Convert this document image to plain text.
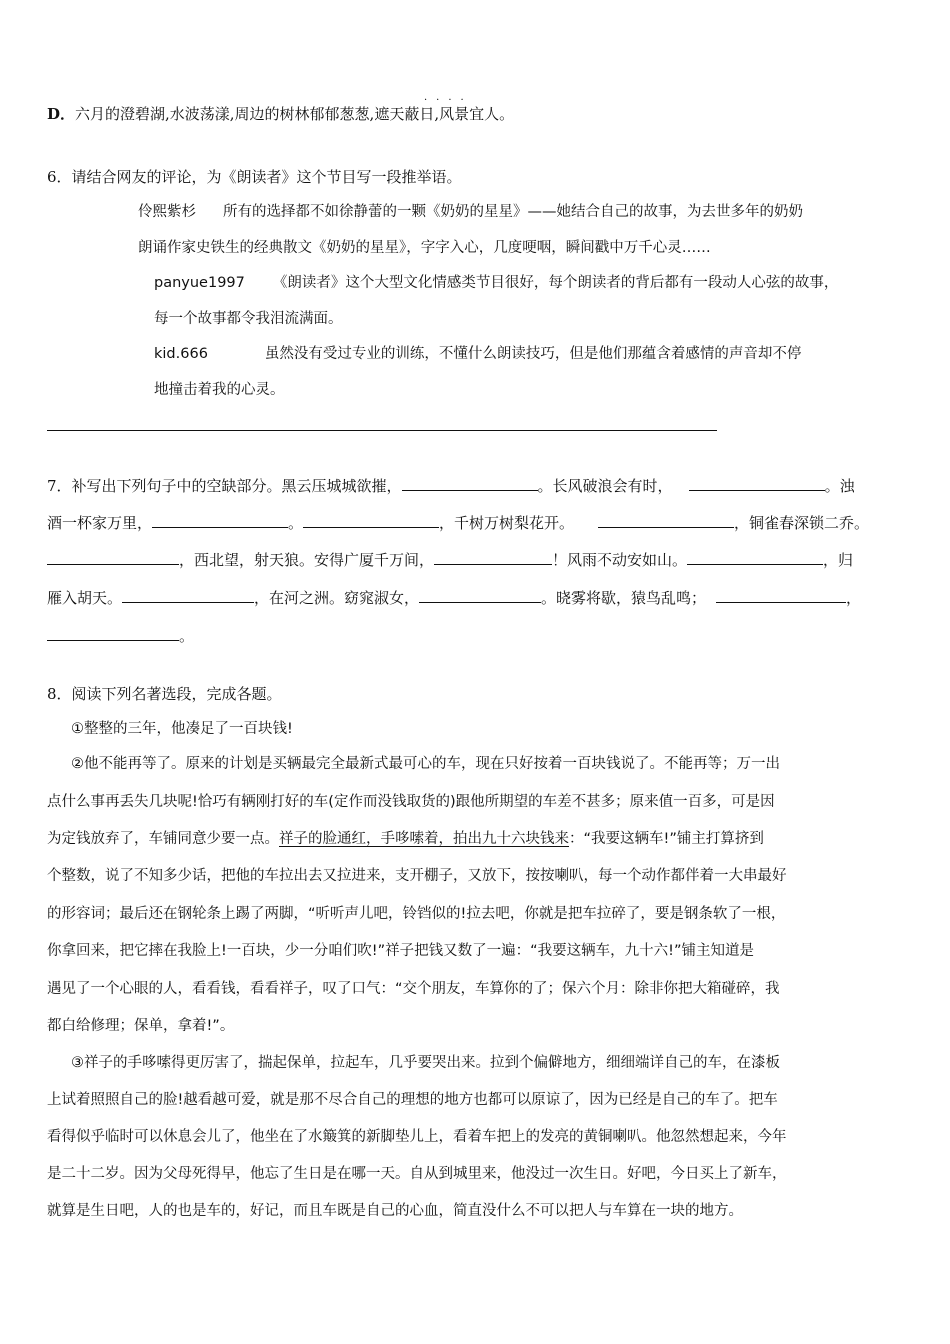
····
D．六月的澄碧湖,水波荡漾,周边的树林郁郁葱葱,遮天蔽日,风景宜人。
6．请结合网友的评论，为《朗读者》这个节目写一段推举语。
伶熙紫杉 所有的选择都不如徐静蕾的一颗《奶奶的星星》——她结合自己的故事，为去世多年的奶奶
朗诵作家史铁生的经典散文《奶奶的星星》，字字入心，几度哽咽，瞬间戳中万千心灵……
panyue1997 《朗读者》这个大型文化情感类节目很好，每个朗读者的背后都有一段动人心弦的故事，
每一个故事都令我泪流满面。
kid.666	虽然没有受过专业的训练，不懂什么朗读技巧，但是他们那蕴含着感情的声音却不停
地撞击着我的心灵。
7．补写出下列句子中的空缺部分。黑云压城城欲摧，	。长风破浪会有时，	。浊
酒一杯家万里，	。	，千树万树梨花开。	，铜雀春深锁二乔。
，西北望，射天狼。安得广厦千万间，	！风雨不动安如山。	，归
雁入胡天。	，在河之洲。窈窕淑女，	。晓雾将歇，猿鸟乱鸣；	，
。
8．阅读下列名著选段，完成各题。
①整整的三年，他凑足了一百块钱!
②他不能再等了。原来的计划是买辆最完全最新式最可心的车，现在只好按着一百块钱说了。不能再等；万一出
点什么事再丢失几块呢!恰巧有辆刚打好的车(定作而没钱取货的)跟他所期望的车差不甚多；原来值一百多，可是因
为定钱放弃了，车铺同意少要一点。祥子的脸通红，手哆嗦着，拍出九十六块钱来：“我要这辆车!”铺主打算挤到
个整数，说了不知多少话，把他的车拉出去又拉进来，支开棚子，又放下，按按喇叭，每一个动作都伴着一大串最好
的形容词；最后还在钢轮条上踢了两脚，“听听声儿吧，铃铛似的!拉去吧，你就是把车拉碎了，要是钢条软了一根，
你拿回来，把它摔在我脸上!一百块，少一分咱们吹!”祥子把钱又数了一遍：“我要这辆车，九十六!”铺主知道是
遇见了一个心眼的人，看看钱，看看祥子，叹了口气：“交个朋友，车算你的了；保六个月：除非你把大箱碰碎，我
都白给修理；保单，拿着!”。
③祥子的手哆嗦得更厉害了，揣起保单，拉起车，几乎要哭出来。拉到个偏僻地方，细细端详自己的车，在漆板
上试着照照自己的脸!越看越可爱，就是那不尽合自己的理想的地方也都可以原谅了，因为已经是自己的车了。把车
看得似乎临时可以休息会儿了，他坐在了水簸箕的新脚垫儿上，看着车把上的发亮的黄铜喇叭。他忽然想起来，今年
是二十二岁。因为父母死得早，他忘了生日是在哪一天。自从到城里来，他没过一次生日。好吧，今日买上了新车，
就算是生日吧，人的也是车的，好记，而且车既是自己的心血，简直没什么不可以把人与车算在一块的地方。
